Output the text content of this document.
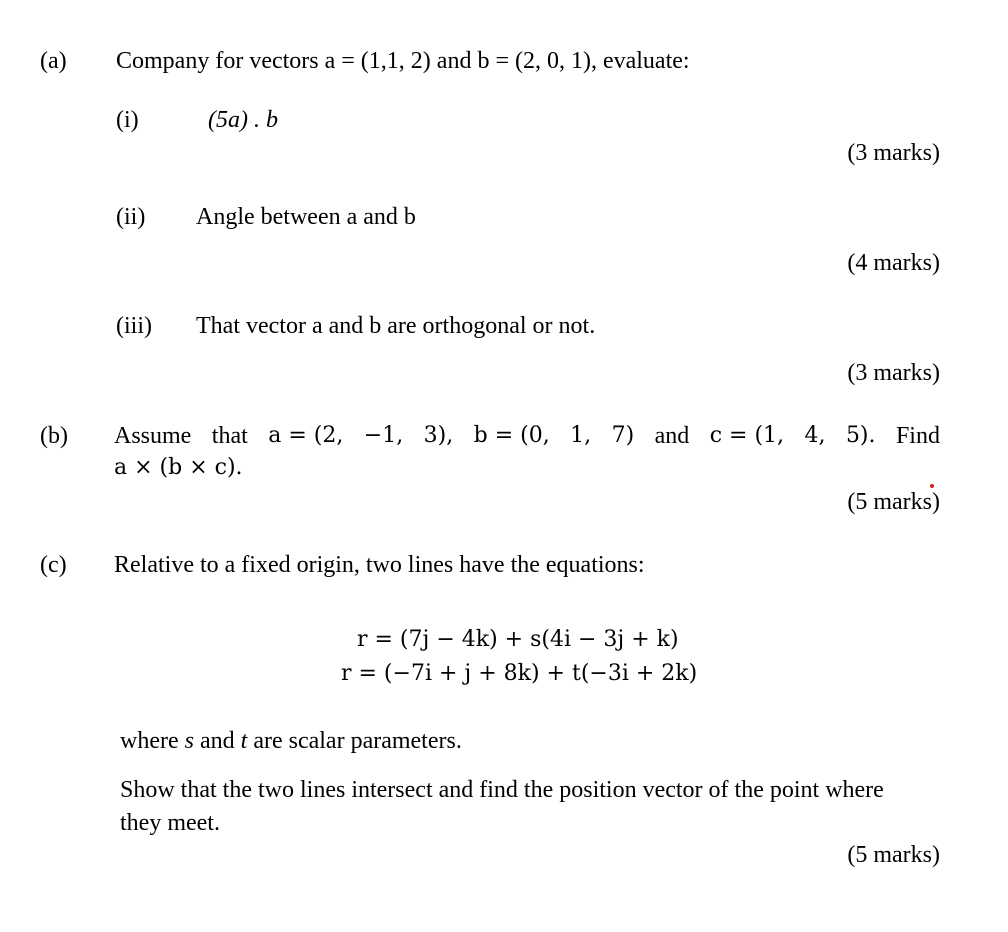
(a) Company for vectors a = (1,1, 2) and b = (2, 0, 1), evaluate:
(i)	(5a) . b
(3 marks)
(ii) Angle between a and b
(4 marks)
(iii) That vector a and b are orthogonal or not.
(3 marks)
(b) Assume that a = (2, −1, 3), b = (0, 1, 7) and c = (1, 4, 5). Find
a × (b × c).
(5 marks)
(c) Relative to a fixed origin, two lines have the equations:
r = (7j − 4k) + s(4i − 3j + k)
r = (−7i + j + 8k) + t(−3i + 2k)
where s and t are scalar parameters.
Show that the two lines intersect and find the position vector of the point where
they meet.
(5 marks)
